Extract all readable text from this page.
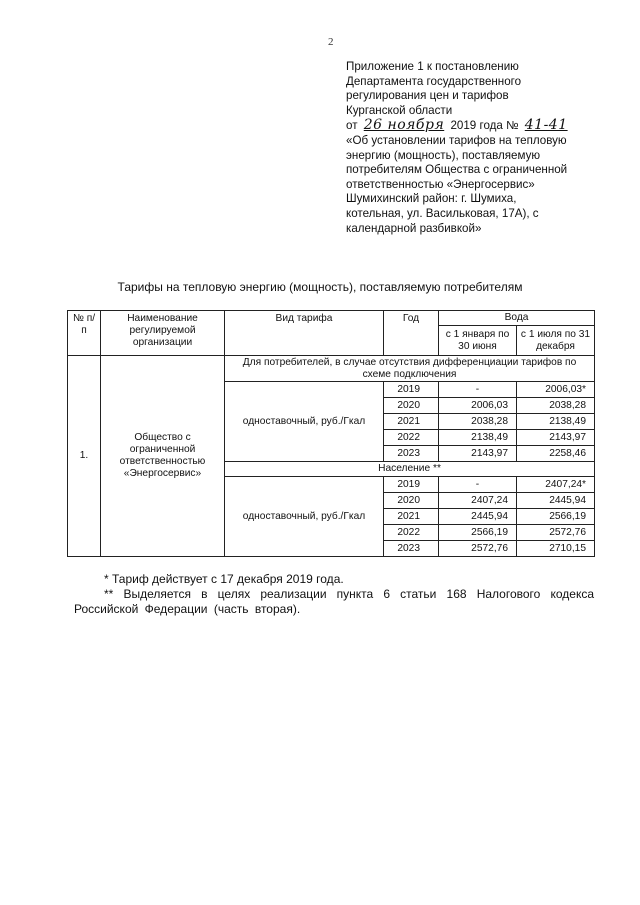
2
Приложение 1 к постановлению
Департамента государственного
регулирования цен и тарифов
Курганской области
от 26 ноября 2019 года № 41-41
«Об установлении тарифов на тепловую
энергию (мощность), поставляемую
потребителям Общества с ограниченной
ответственностью «Энергосервис»
Шумихинский район: г. Шумиха,
котельная, ул. Васильковая, 17А), с
календарной разбивкой»
Тарифы на тепловую энергию (мощность), поставляемую потребителям
№ п/п	Наименование регулируемой организации	Вид тарифа	Год	Вода	
				с 1 января по 30 июня	с 1 июля по 31 декабря
1.	Общество с ограниченной ответственностью «Энергосервис»	Для потребителей, в случае отсутствия дифференциации тарифов по схеме подключения			
		одноставочный, руб./Гкал	2019	-	2006,03*
			2020	2006,03	2038,28
			2021	2038,28	2138,49
			2022	2138,49	2143,97
			2023	2143,97	2258,46
		Население **			
		одноставочный, руб./Гкал	2019	-	2407,24*
			2020	2407,24	2445,94
			2021	2445,94	2566,19
			2022	2566,19	2572,76
			2023	2572,76	2710,15
* Тариф действует с 17 декабря 2019 года.
** Выделяется в целях реализации пункта 6 статьи 168 Налогового кодекса Российской Федерации (часть вторая).
